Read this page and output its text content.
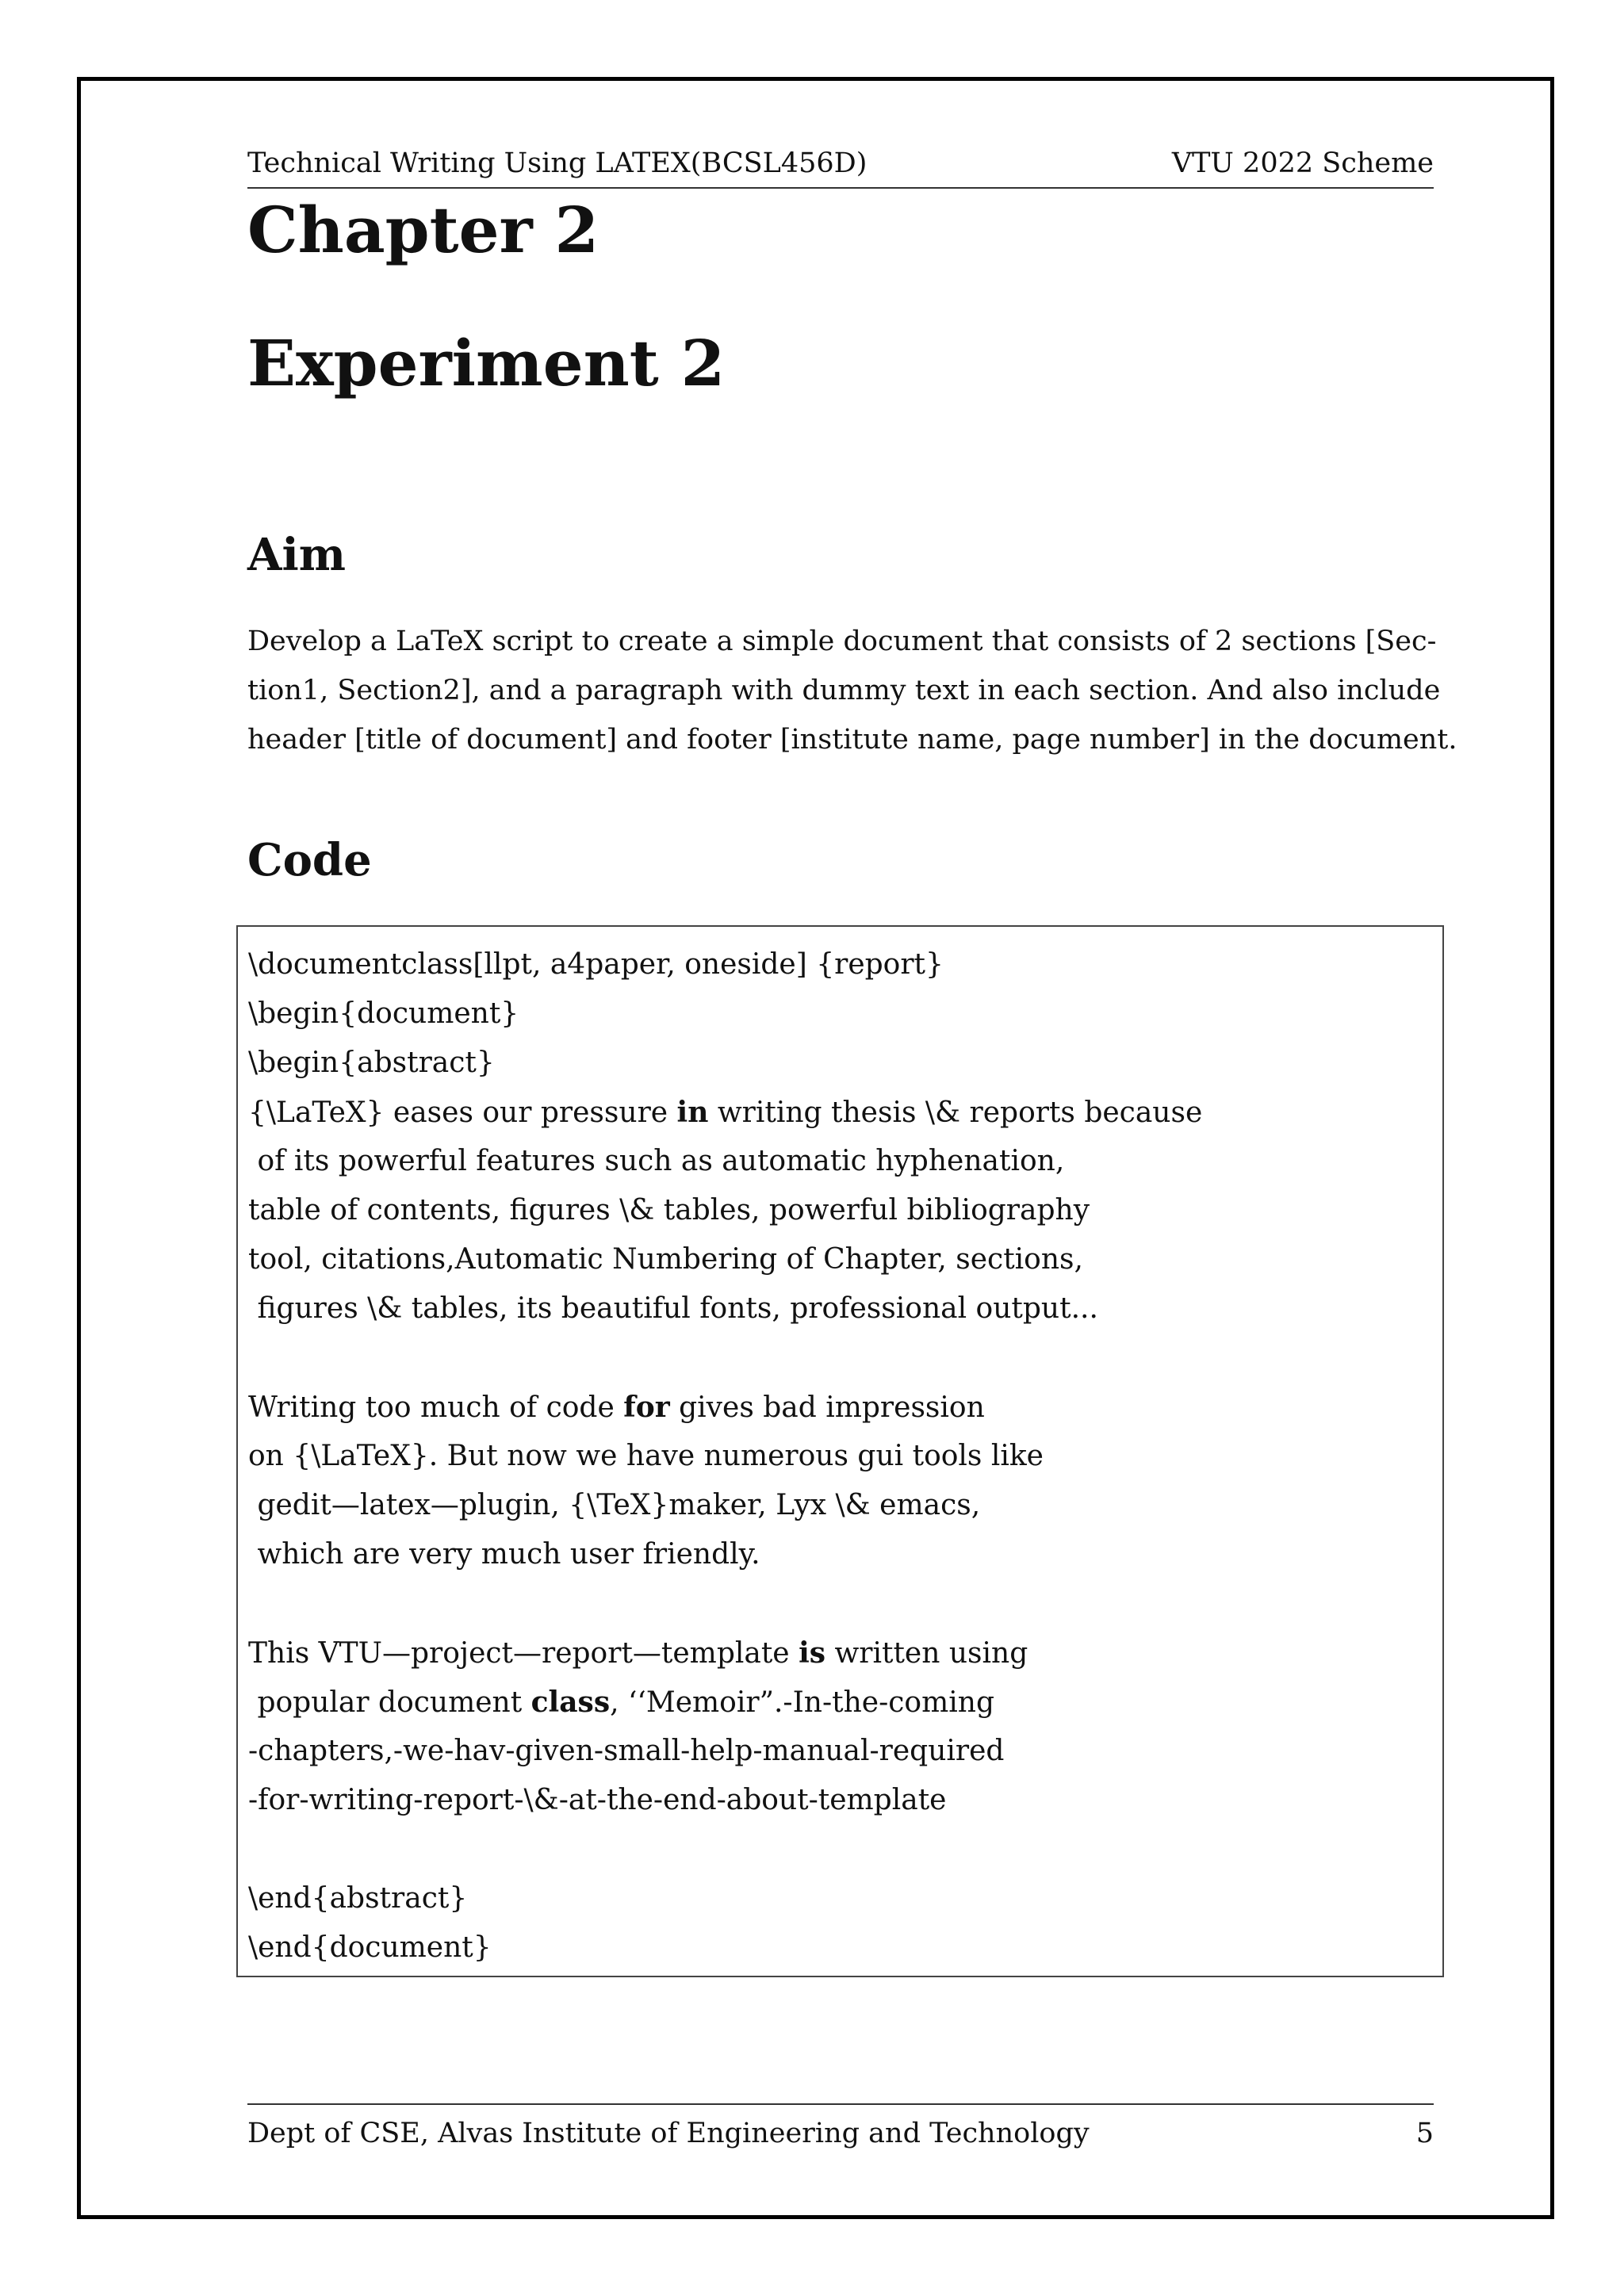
Technical Writing Using LATEX(BCSL456D)	VTU 2022 Scheme
Chapter 2
Experiment 2
Aim

Develop a LaTeX script to create a simple document that consists of 2 sections [Sec-
tion1, Section2], and a paragraph with dummy text in each section. And also include
header [title of document] and footer [institute name, page number] in the document.

Code
\documentclass[llpt, a4paper, oneside] {report}
\begin{document}
\begin{abstract}
{\LaTeX} eases our pressure in writing thesis \& reports because
of its powerful features such as automatic hyphenation,
table of contents, figures \& tables, powerful bibliography
tool, citations,Automatic Numbering of Chapter, sections,
figures \& tables, its beautiful fonts, professional output...
Writing too much of code for gives bad impression
on {\LaTeX}. But now we have numerous gui tools like
gedit—latex—plugin, {\TeX}maker, Lyx \& emacs,
which are very much user friendly.
This VTU—project—report—template is written using
popular document class, ‘‘Memoir”.-In-the-coming
-chapters,-we-hav-given-small-help-manual-required
-for-writing-report-\&-at-the-end-about-template
\end{abstract}
\end{document}
Dept of CSE, Alvas Institute of Engineering and Technology	5
